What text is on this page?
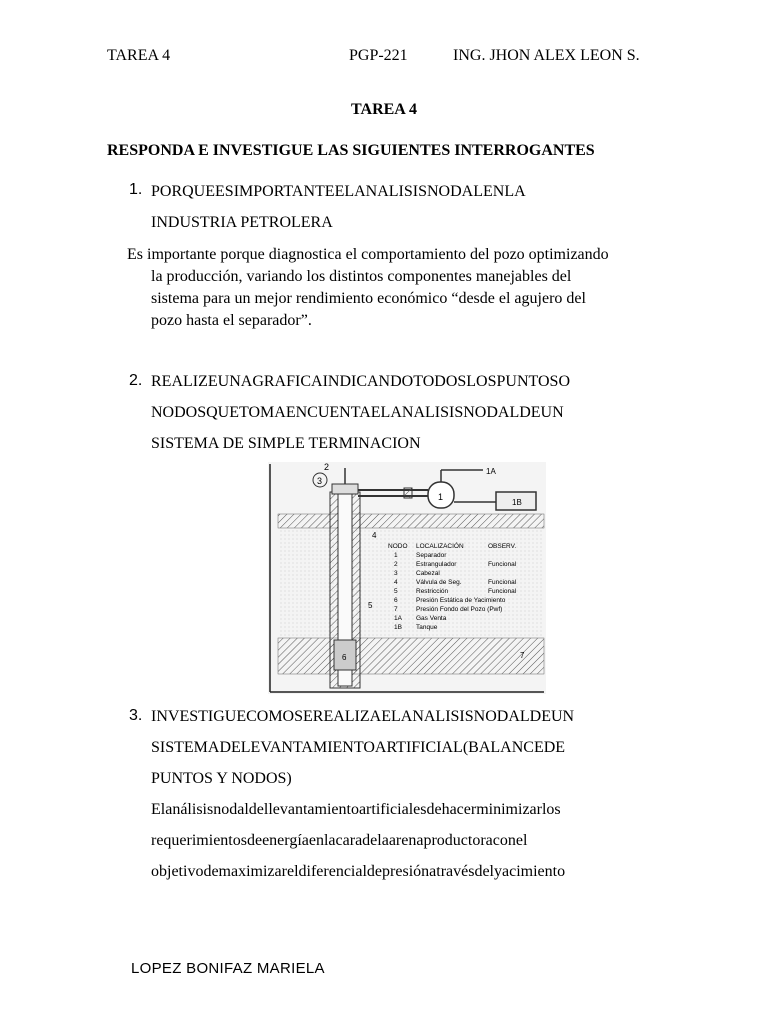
TAREA 4	PGP-221	ING. JHON ALEX LEON S.
TAREA 4
RESPONDA E INVESTIGUE LAS SIGUIENTES INTERROGANTES
1. PORQUEESIMPORTANTEELANALISISNODALENLA
INDUSTRIA PETROLERA
Es importante porque diagnostica el comportamiento del pozo optimizando
la producción, variando los distintos componentes manejables del
sistema para un mejor rendimiento económico “desde el agujero del
pozo hasta el separador”.
2. REALIZEUNAGRAFICAINDICANDOTODOSLOSPUNTOSO
NODOSQUETOMAENCUENTAELANALISISNODALDEUN
SISTEMA DE SIMPLE TERMINACION
3
2
1
1A
1B
4
5
6	7
NODO LOCALIZACIÓN	OBSERV.
1	Separador
2	Estrangulador	Funcional
3	Cabezal
4	Válvula de Seg.	Funcional
5	Restricción	Funcional
6	Presión Estática de Yacimiento
7	Presión Fondo del Pozo (Pwf)
1A Gas Venta
1B Tanque
3. INVESTIGUECOMOSEREALIZAELANALISISNODALDEUN
SISTEMADELEVANTAMIENTOARTIFICIAL(BALANCEDE
PUNTOS Y NODOS)
Elanálisisnodaldellevantamientoartificialesdehacerminimizarlos
requerimientosdeenergíaenlacaradelaarenaproductoraconel
objetivodemaximizareldiferencialdepresiónatravésdelyacimiento
LOPEZ BONIFAZ MARIELA
